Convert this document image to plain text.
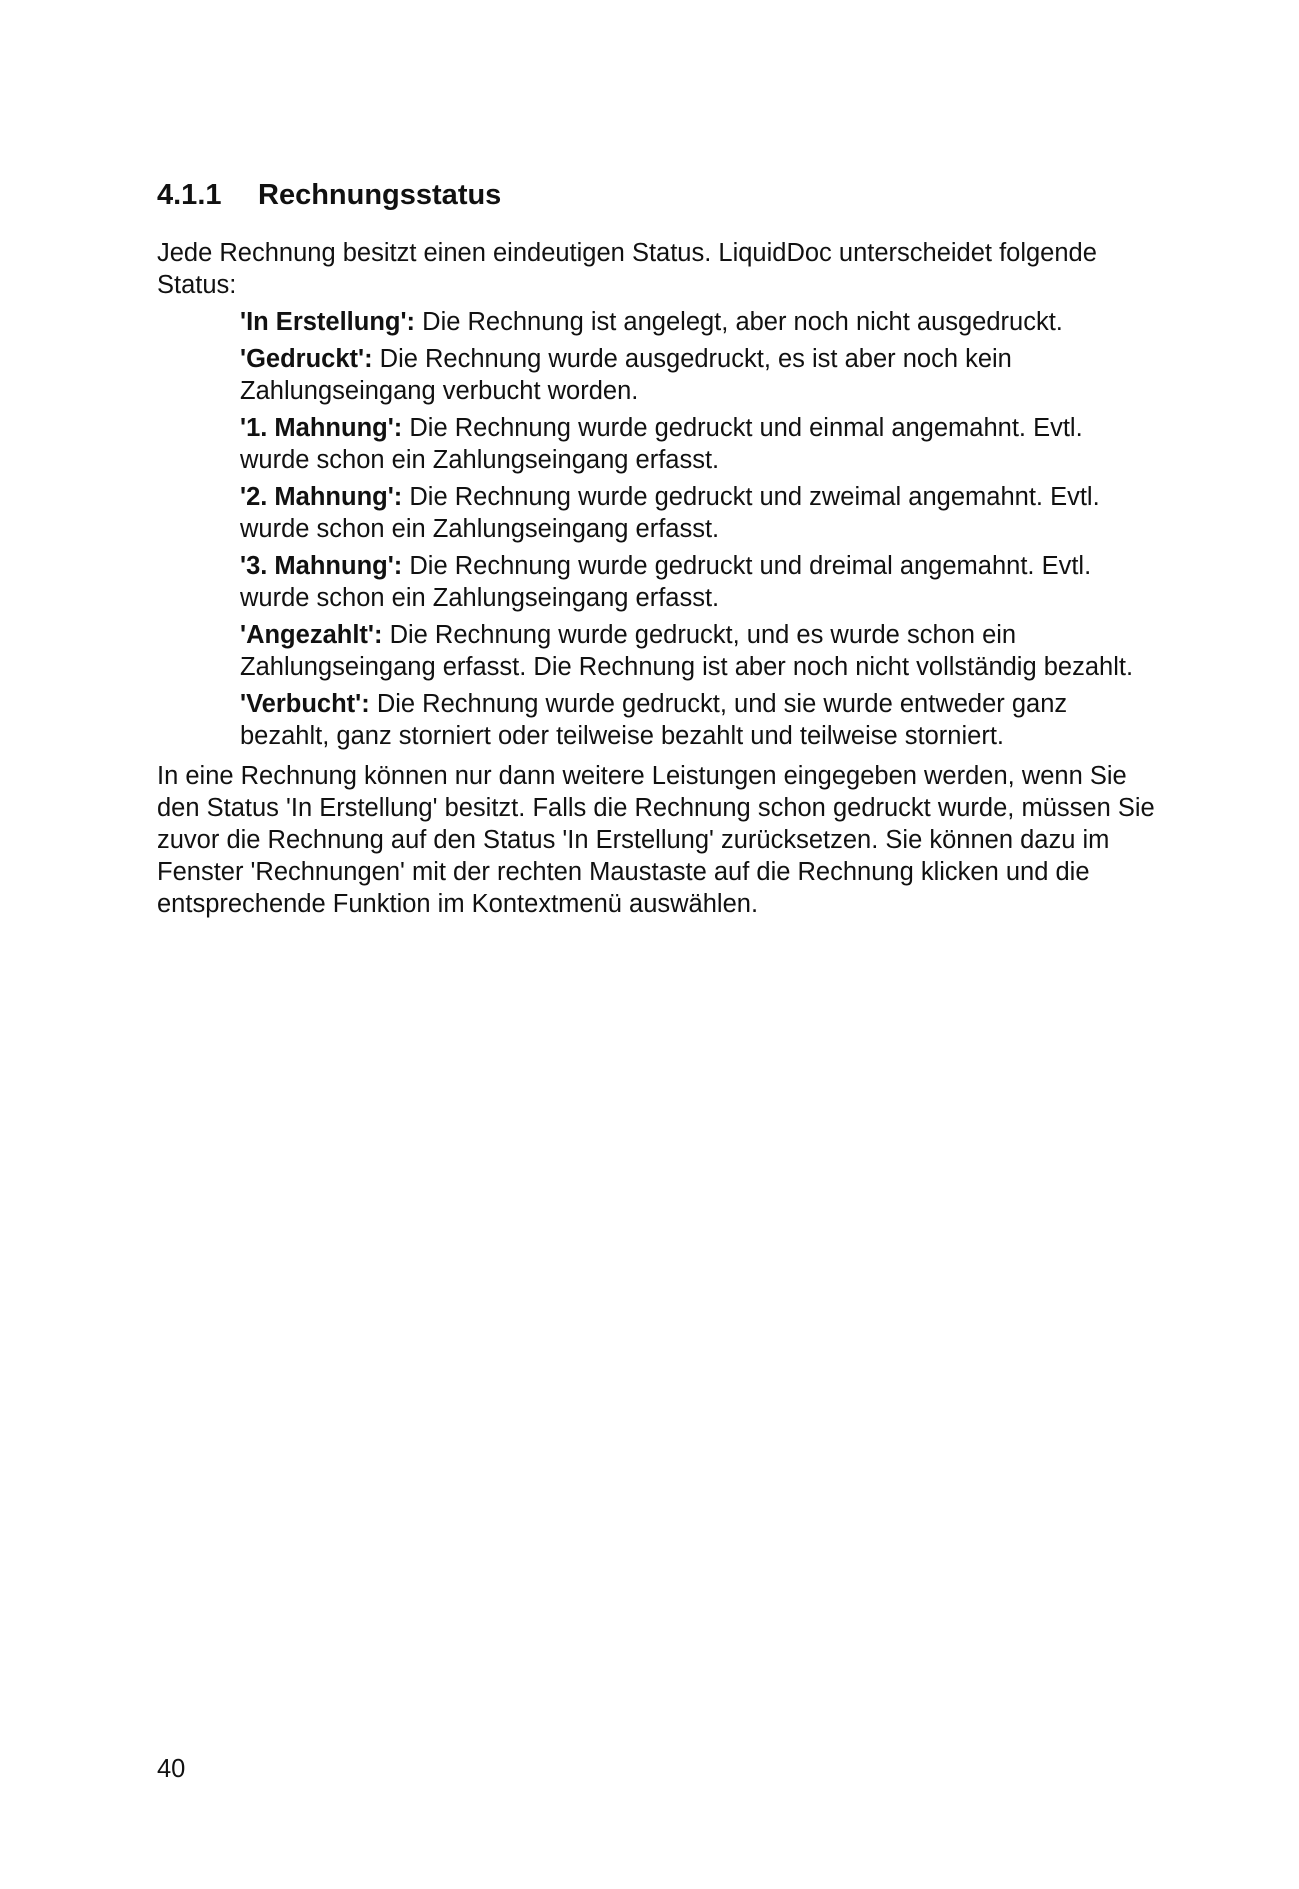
4.1.1 Rechnungsstatus

Jede Rechnung besitzt einen eindeutigen Status. LiquidDoc unterscheidet folgende Status:

'In Erstellung': Die Rechnung ist angelegt, aber noch nicht ausgedruckt.
'Gedruckt': Die Rechnung wurde ausgedruckt, es ist aber noch kein Zahlungseingang verbucht worden.
'1. Mahnung': Die Rechnung wurde gedruckt und einmal angemahnt. Evtl. wurde schon ein Zahlungseingang erfasst.
'2. Mahnung': Die Rechnung wurde gedruckt und zweimal angemahnt. Evtl. wurde schon ein Zahlungseingang erfasst.
'3. Mahnung': Die Rechnung wurde gedruckt und dreimal angemahnt. Evtl. wurde schon ein Zahlungseingang erfasst.
'Angezahlt': Die Rechnung wurde gedruckt, und es wurde schon ein Zahlungseingang erfasst. Die Rechnung ist aber noch nicht vollständig bezahlt.
'Verbucht': Die Rechnung wurde gedruckt, und sie wurde entweder ganz bezahlt, ganz storniert oder teilweise bezahlt und teilweise storniert.

In eine Rechnung können nur dann weitere Leistungen eingegeben werden, wenn Sie den Status 'In Erstellung' besitzt. Falls die Rechnung schon gedruckt wurde, müssen Sie zuvor die Rechnung auf den Status 'In Erstellung' zurücksetzen. Sie können dazu im Fenster 'Rechnungen' mit der rechten Maustaste auf die Rechnung klicken und die entsprechende Funktion im Kontextmenü auswählen.

40
